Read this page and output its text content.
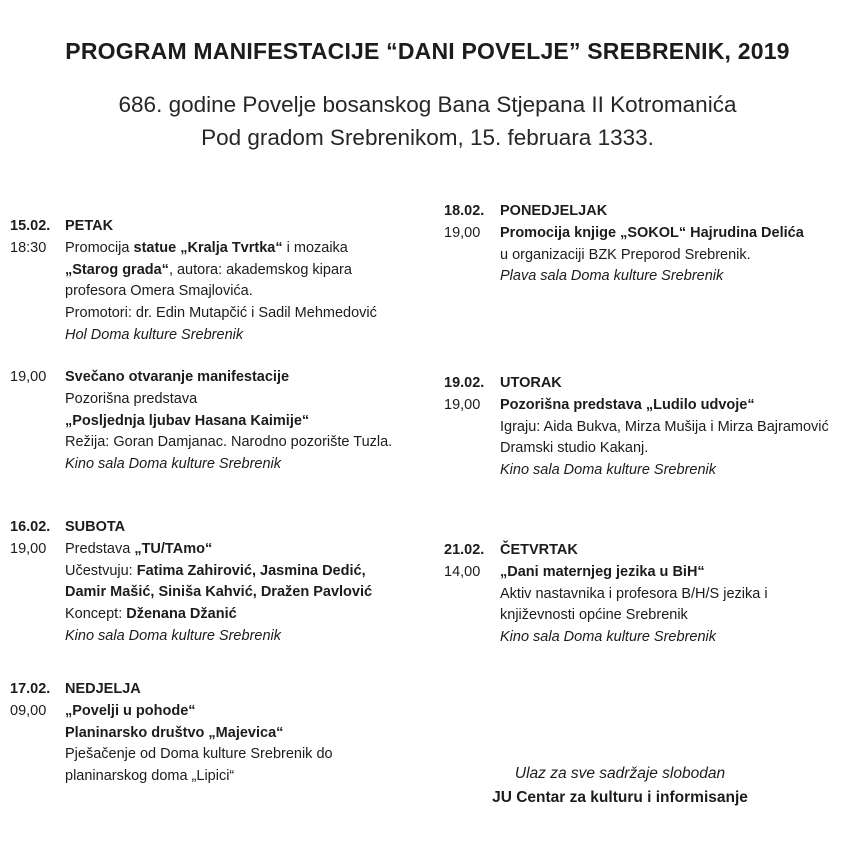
PROGRAM MANIFESTACIJE “DANI POVELJE” SREBRENIK, 2019
686. godine Povelje bosanskog Bana Stjepana II Kotromanića
Pod gradom Srebrenikom, 15. februara 1333.
15.02.	PETAK
18:30	Promocija statue „Kralja Tvrtka“ i mozaika
„Starog grada“, autora: akademskog kipara
profesora Omera Smajlovića.
Promotori: dr. Edin Mutapčić i Sadil Mehmedović
Hol Doma kulture Srebrenik
19,00	Svečano otvaranje manifestacije
Pozorišna predstava
„Posljednja ljubav Hasana Kaimije“
Režija: Goran Damjanac. Narodno pozorište Tuzla.
Kino sala Doma kulture Srebrenik
16.02.	SUBOTA
19,00	Predstava „TU/TAmo“
Učestvuju: Fatima Zahirović, Jasmina Dedić,
Damir Mašić, Siniša Kahvić, Dražen Pavlović
Koncept: Dženana Džanić
Kino sala Doma kulture Srebrenik
17.02.	NEDJELJA
09,00	„Povelji u pohode“
Planinarsko društvo „Majevica“
Pješačenje od Doma kulture Srebrenik do
planinarskog doma „Lipici“
18.02.	PONEDJELJAK
19,00	Promocija knjige „SOKOL“ Hajrudina Delića
u organizaciji BZK Preporod Srebrenik.
Plava sala Doma kulture Srebrenik
19.02.	UTORAK
19,00	Pozorišna predstava „Ludilo udvoje“
Igraju: Aida Bukva, Mirza Mušija i Mirza Bajramović
Dramski studio Kakanj.
Kino sala Doma kulture Srebrenik
21.02.	ČETVRTAK
14,00	„Dani maternjeg jezika u BiH“
Aktiv nastavnika i profesora B/H/S jezika i
književnosti općine Srebrenik
Kino sala Doma kulture Srebrenik
Ulaz za sve sadržaje slobodan
JU Centar za kulturu i informisanje
